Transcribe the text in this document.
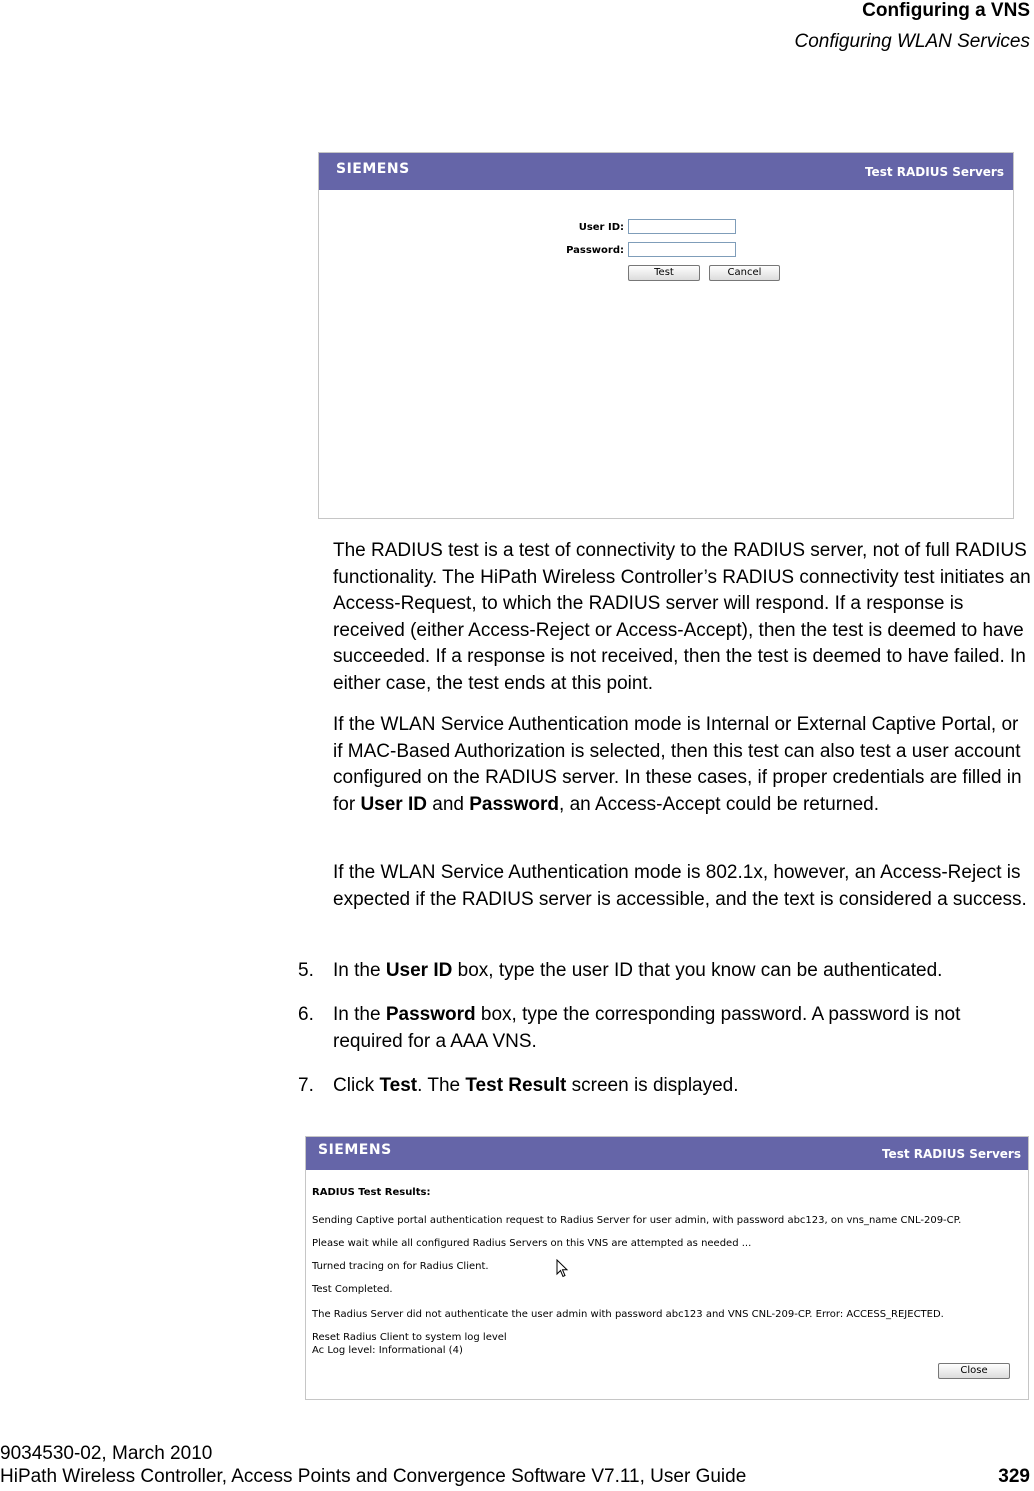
Configuring a VNS
Configuring WLAN Services
SIEMENS	Test RADIUS Servers
User ID:
Password:
Test	Cancel
The RADIUS test is a test of connectivity to the RADIUS server, not of full RADIUS functionality. The HiPath Wireless Controller’s RADIUS connectivity test initiates an Access-Request, to which the RADIUS server will respond. If a response is received (either Access-Reject or Access-Accept), then the test is deemed to have succeeded. If a response is not received, then the test is deemed to have failed. In either case, the test ends at this point.
If the WLAN Service Authentication mode is Internal or External Captive Portal, or if MAC-Based Authorization is selected, then this test can also test a user account configured on the RADIUS server. In these cases, if proper credentials are filled in for User ID and Password, an Access-Accept could be returned.
If the WLAN Service Authentication mode is 802.1x, however, an Access-Reject is expected if the RADIUS server is accessible, and the text is considered a success.
5. In the User ID box, type the user ID that you know can be authenticated.
6. In the Password box, type the corresponding password. A password is not required for a AAA VNS.
7. Click Test. The Test Result screen is displayed.
SIEMENS	Test RADIUS Servers
RADIUS Test Results:
Sending Captive portal authentication request to Radius Server for user admin, with password abc123, on vns_name CNL-209-CP.
Please wait while all configured Radius Servers on this VNS are attempted as needed ...
Turned tracing on for Radius Client.
Test Completed.
The Radius Server did not authenticate the user admin with password abc123 and VNS CNL-209-CP. Error: ACCESS_REJECTED.
Reset Radius Client to system log level
Ac Log level: Informational (4)
Close
9034530-02, March 2010
HiPath Wireless Controller, Access Points and Convergence Software V7.11, User Guide	329
